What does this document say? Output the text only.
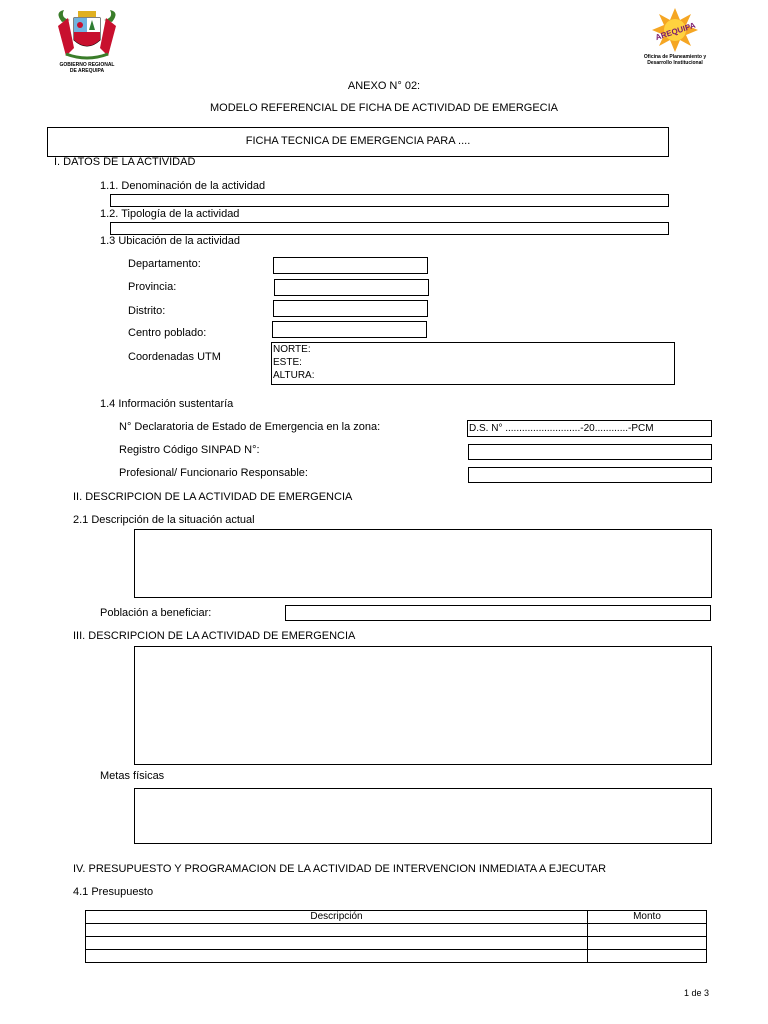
GOBIERNO REGIONAL
DE AREQUIPA
AREQUIPA
Oficina de Planeamiento y
Desarrollo Institucional
ANEXO N° 02:
MODELO REFERENCIAL DE FICHA DE ACTIVIDAD DE EMERGECIA
FICHA TECNICA DE EMERGENCIA PARA ....
I. DATOS DE LA ACTIVIDAD
1.1. Denominación de la actividad
1.2. Tipología de la actividad
1.3 Ubicación de la actividad
Departamento:
Provincia:
Distrito:
Centro poblado:
Coordenadas UTM
NORTE:
ESTE:
ALTURA:
1.4 Información sustentaría
N° Declaratoria de Estado de Emergencia en la zona:	D.S. N° ...........................-20............-PCM
Registro Código SINPAD N°:
Profesional/ Funcionario Responsable:
II. DESCRIPCION DE LA ACTIVIDAD DE EMERGENCIA
2.1 Descripción de la situación actual
Población a beneficiar:
III. DESCRIPCION DE LA ACTIVIDAD DE EMERGENCIA
Metas físicas
IV. PRESUPUESTO Y PROGRAMACION DE LA ACTIVIDAD DE INTERVENCION INMEDIATA A EJECUTAR
4.1 Presupuesto
Descripción	Monto

1 de 3
